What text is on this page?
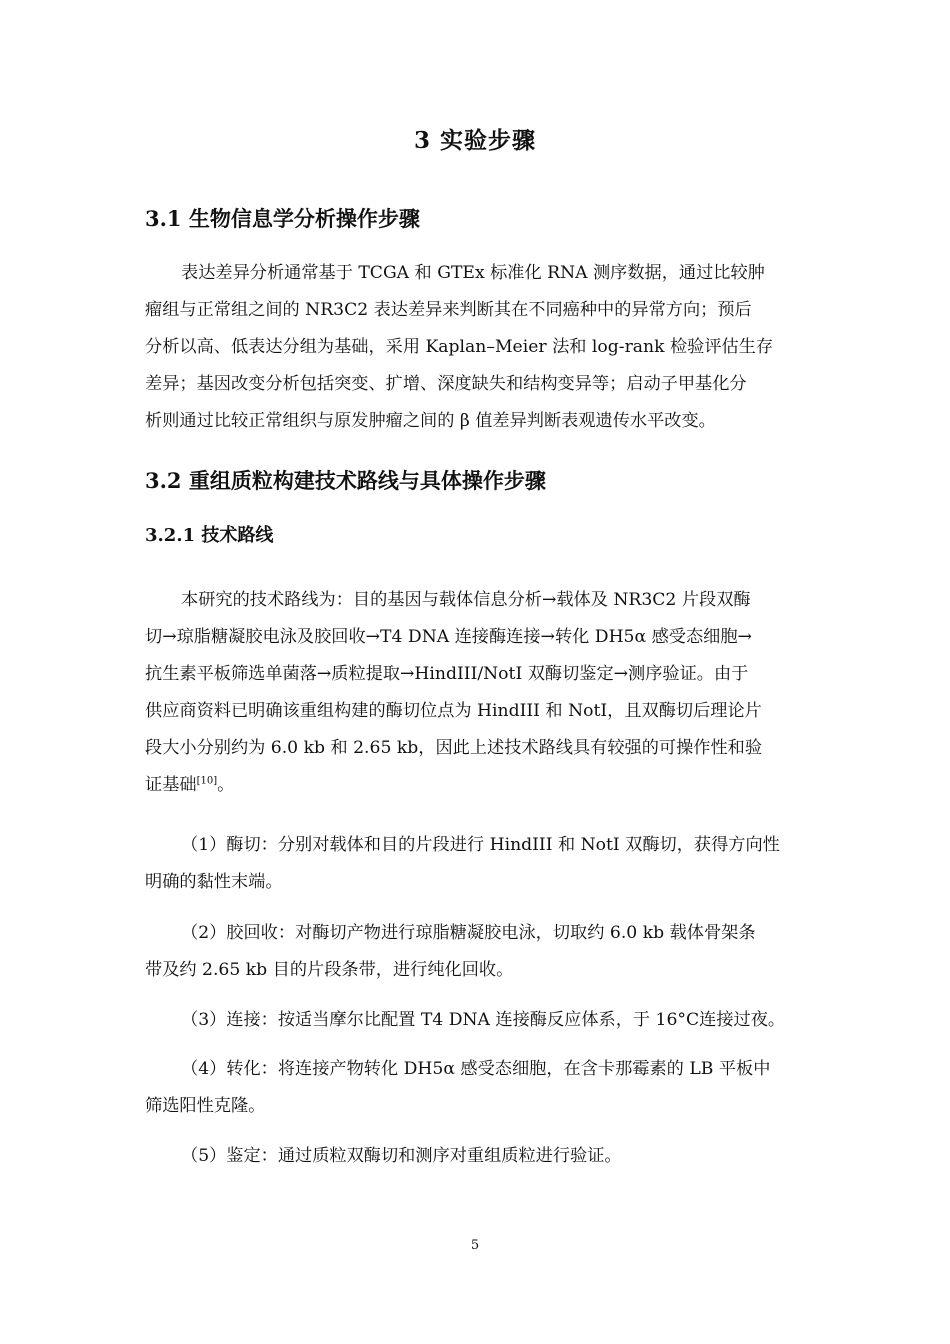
3 实验步骤
3.1 生物信息学分析操作步骤
表达差异分析通常基于 TCGA 和 GTEx 标准化 RNA 测序数据，通过比较肿
瘤组与正常组之间的 NR3C2 表达差异来判断其在不同癌种中的异常方向；预后
分析以高、低表达分组为基础，采用 Kaplan–Meier 法和 log-rank 检验评估生存
差异；基因改变分析包括突变、扩增、深度缺失和结构变异等；启动子甲基化分
析则通过比较正常组织与原发肿瘤之间的 β 值差异判断表观遗传水平改变。
3.2 重组质粒构建技术路线与具体操作步骤
3.2.1 技术路线
本研究的技术路线为：目的基因与载体信息分析→载体及 NR3C2 片段双酶
切→琼脂糖凝胶电泳及胶回收→T4 DNA 连接酶连接→转化 DH5α 感受态细胞→
抗生素平板筛选单菌落→质粒提取→HindIII/NotI 双酶切鉴定→测序验证。由于
供应商资料已明确该重组构建的酶切位点为 HindIII 和 NotI，且双酶切后理论片
段大小分别约为 6.0 kb 和 2.65 kb，因此上述技术路线具有较强的可操作性和验
证基础[10]。
（1）酶切：分别对载体和目的片段进行 HindIII 和 NotI 双酶切，获得方向性
明确的黏性末端。
（2）胶回收：对酶切产物进行琼脂糖凝胶电泳，切取约 6.0 kb 载体骨架条
带及约 2.65 kb 目的片段条带，进行纯化回收。
（3）连接：按适当摩尔比配置 T4 DNA 连接酶反应体系，于 16°C连接过夜。
（4）转化：将连接产物转化 DH5α 感受态细胞，在含卡那霉素的 LB 平板中
筛选阳性克隆。
（5）鉴定：通过质粒双酶切和测序对重组质粒进行验证。
5
